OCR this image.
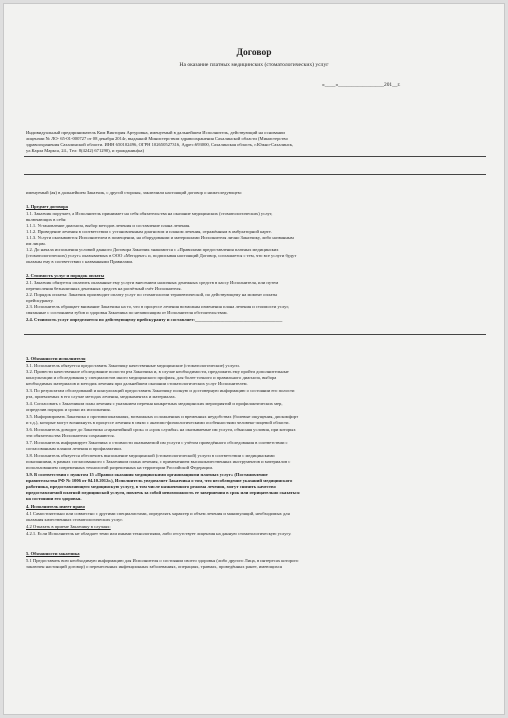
Договор
На оказание платных медицинских (стоматологических) услуг
«____»_________________201__г.
Индивидуальный предприниматель Ким Виктория Артуровна, именуемый в дальнейшем Исполнитель, действующий на основании
лицензии № ЛО- 65-01-000727 от 08 декабря 2014г, выданной Министерством здравоохранения Сахалинской области (Министерство
здравоохранения Сахалинской области. ИНН 650102496, ОГРН 102650527316, Адрес:693000, Сахалинская область, г.Южно-Сахалинск,
ул.Карла Маркса, 24., Тел: 8(4242) 671290), и гражданин(ка)
именуемый (ая) в дальнейшем Заказчик, с другой стороны, заключили настоящий договор о нижеследующем:
1. Предмет договора
1.1. Заказчик поручает, а Исполнитель принимает на себя обязательства на оказание медицинских (стоматологических) услуг,
включающих в себя:
1.1.1. Установление диагноза, выбор методов лечения и составление плана лечения.
1.1.2. Проведение лечения в соответствии с установленным диагнозом и планом лечения, отражённым в амбулаторной карте.
1.1.3. Услуги оказываются Исполнителем в помещении, на оборудовании и материалами Исполнителя лично Заказчику, либо названным
им лицам.
1.2. До начала исполнения условий данного Договора Заказчик знакомится с «Правилами предоставления платных медицинских
(стоматологических) услуг» оказываемых в ООО «Мегадент» и, подписывая настоящий Договор, соглашается с тем, что все услуги будут
оказаны ему в соответствии с названными Правилами.
2. Стоимость услуг и порядок оплаты
2.1. Заказчик обязуется оплатить оказанные ему услуги внесением наличных денежных средств в кассу Исполнителя, или путем
перечисления безналичных денежных средств на расчётный счёт Исполнителя.
2.2. Порядок оплаты: Заказчик производит оплату услуг по стоматологии терапевтической, по действующему на момент оплаты
прейскуранту.
2.3. Исполнитель обращает внимание Заказчика на то, что в процессе лечения возможны изменения плана лечения и стоимости услуг,
связанные с состоянием зубов и здоровья Заказчика по независящим от Исполнителя обстоятельствам.
2.4. Стоимость услуг определяется по действующему прейскуранту и составляет:______________________________________
3. Обязанности исполнителя
3.1. Исполнитель обязуется предоставить Заказчику качественные медицинские (стоматологические) услуги.
3.2. Провести качественное обследование полости рта Заказчика и, в случае необходимости, предложить ему пройти дополнительные
консультации и обследования у специалистов иного медицинского профиля, для более точного и правильного диагноза, выбора
необходимых материалов и методик лечения при дальнейшем оказании стоматологических услуг Исполнителем.
3.3. По результатам обследований и консультаций предоставить Заказчику полную и достоверную информацию о состоянии его полости
рта, приемлемых в его случае методах лечения, медикаментах и материалах.
3.4. Согласовать с Заказчиком план лечения с указанием перечня конкретных медицинских мероприятий и профилактических мер,
определив порядок и сроки их исполнения.
3.5. Информировать Заказчика о противопоказаниях, возможных осложнениях и временных неудобствах (болевые ощущения, дискомфорт
и т.д.), которые могут возникнуть в процессе лечения в связи с анатомо-физиологическими особенностями человеко-лицевой области.
3.6. Исполнитель доводит до Заказчика «гарантийный срок» и «срок службы» на оказываемые им услуги, объясняя условия, при которых
эти обязательства Исполнителя сохраняются.
3.7. Исполнитель информирует Заказчика о стоимости оказываемой им услуги с учётом проведённого обследования в соответствии с
согласованным планом лечения и профилактики.
3.8. Исполнитель обязуется обеспечить выполнение медицинской (стоматологической) услуги в соответствии с медицинскими
показаниями, в рамках согласованного с Заказчиком плана лечения, с применением высококачественных инструментов и материалов с
использованием современных технологий разрешенных на территории Российской Федерации.
3.9. В соответствии с пунктом 15 «Правил оказания медицинскими организациями платных услуг» (Постановление
правительства РФ № 1006 от 04.10.2012г.), Исполнитель уведомляет Заказчика о том, что несоблюдение указаний медицинского
работника, предоставляющего медицинскую услугу, в том числе назначенного режима лечения, могут снизить качество
предоставляемой платной медицинской услуги, повлечь за собой невозможность ее завершения в срок или отрицательно сказаться
на состоянии его здоровья.
4. Исполнитель имеет право
4.1 Самостоятельно или совместно с другими специалистами, определять характер и объем лечения и манипуляций, необходимых для
оказания качественных стоматологических услуг.
4.2 Отказать в приеме Заказчику в случаях:
4.2.1. Если Исполнитель не обладает теми или иными технологиями, либо отсутствует лицензия на данную стоматологическую услугу.
5. Обязанности заказчика
5.1 Предоставить всю необходимую информацию для Исполнителя о состоянии своего здоровья (либо другого Лица, в интересах которого
заключен настоящий договор) о перенесенных инфекционных заболеваниях, операциях, травмах, проведённых ранее, имеющихся
